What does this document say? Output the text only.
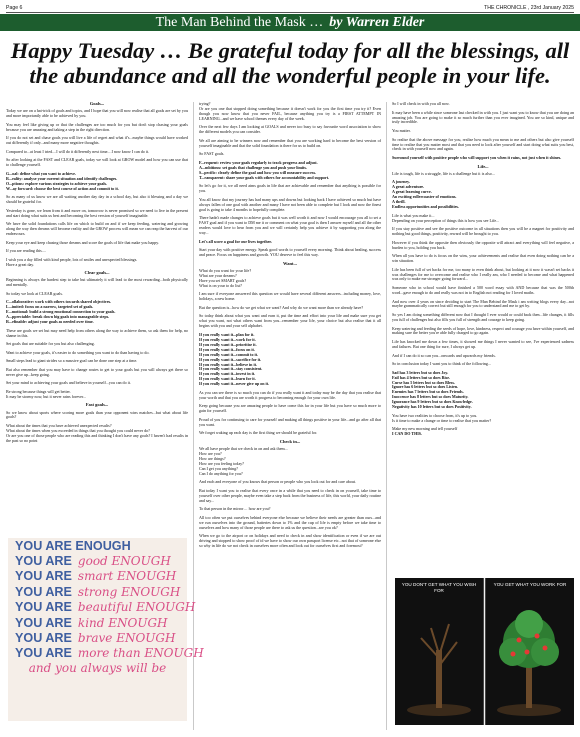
Page 6	THE CHRONICLE , 23rd January 2025
The Man Behind the Mask … by Warren Elder
Happy Tuesday … Be grateful today for all the blessings, all the abundance and all the wonderful people in your life.

Goals...

Today we are on a hat-trick of goals and topics, and I hope that you will now realise that all goals are set by you and more importantly able to be achieved by you.

You may feel like giving up or that the challenges are too much for you but don't stop chasing your goals because you are amazing and taking a step in the right direction.

If you do not set and chase goals you will live a life of regret and what if's...maybe things would have worked out differently if only...and many more negative thoughts.

Compared to...at least I tried....I will do it differently next time....I now know I can do it.

So after looking at the FAST and CLEAR goals, today we will look at GROW model and how you can use that to challenge yourself.

G...oal: define what you want to achieve.

R...eality: analyse your current situation and identify challenges.

O...ptions: explore various strategies to achieve your goals.

W...ay forward: choose the best course of action and commit to it.

So as many of us know we are all waiting another day day in a school day, but also it blessing and a day we should be grateful for.

Yesterday is gone, we learn from it and move on, tomorrow is never promised so we need to live in the present and start doing what suits us best and becoming the best version of yourself imaginable.

We have the solid foundations calls life on which to build on and if we keep feeding, watering and growing along the way then dreams will become reality and the GROW process will mean we can reap the harvest of our endeavours.

Keep your eye and keep chasing those dreams and score the goals of life that make you happy.

If you are reading this....

I wish you a day filled with kind people, lots of smiles and unexpected blessings.

Have a great day.

Clear goals...

Beginning is always the hardest step to take but ultimately it will lead to the most rewarding...both physically and mentally.

So today we look at CLEAR goals.

C...ollaborative: work with others towards shared objectives.

L...imited: focus on a narrow, targeted set of goals.

E...motional: build a strong emotional connection to your goals.

A...ppreciable: break down big goals into manageable steps.

R...efinable: adjust your goals as needed over time.

These are goals we set but may need help from others along the way to achieve them, so ask them for help, no shame in this.

Set goals that are suitable for you but also challenging.

Want to achieve your goals, it's easier to do something you want to do than having to do.

Small steps lead to giant strides so a massive goal can be done one step at a time.

But also remember that you may have to change routes to get to your goals but you will always get there so never give up...keep going.

Set your mind to achieving your goals and believe in yourself...you can do it.

Be strong because things will get better.

It may be stormy now, but it never rains forever...

Fast goals...

So we know about sports where scoring more goals than your opponent wins matches...but what about life goals?

What about the times that you have achieved unexpected results?

What about the times when you exceeded in things that you thought you could never do?

Or are you one of those people who are reading this and thinking I don't have any goals? I haven't had results in the past so no point

YOU ARE ENOUGH
YOU ARE good ENOUGH
YOU ARE smart ENOUGH
YOU ARE strong ENOUGH
YOU ARE beautiful ENOUGH
YOU ARE kind ENOUGH
YOU ARE brave ENOUGH
YOU ARE more than ENOUGH
and you always will be

trying?

Or are you one that stopped doing something because it doesn't work for you the first time you try it? Even though you now know that you never FAIL, because anything you try is a FIRST ATTEMPT IN LEARNING...and we have school themes every day of the week.

Over the next few days I am looking at GOALS and never too busy to say favourite word association to show the different models you can consider.

We all are aiming to be winners now and remember that you are working hard to become the best version of yourself imaginable and that the solid foundation is there for us to build on.

So FAST goals.

F...requent: review your goals regularly to track progress and adjust.

A...mbitious: set goals that challenge you and push your limits.

S...pecific: clearly define the goal and how you will measure success.

T...ransparent: share your goals with others for accountability and support.

So let's go for it, we all need aims goals in life that are achievable and remember that anything is possible for you.

You all know that my journey has had many ups and downs but looking back I have achieved so much but have always fallen of one goal with another and many I have not been able to complete but I look and now the finest goal is going to take 4 months to hopefully complete.

There hadn't made changes to achieve goals but it was well worth it and now I would encourage you all to set a FAST goal and if you want to DM me it or comment on what your goal is then I answer myself and all the other readers would love to hear from you and we will certainly help you achieve it by supporting you along the way...

Let's all score a goal for our lives together.

Start your day with positive energy. Speak good words to yourself every morning. Think about healing, success and peace. Focus on happiness and growth. YOU deserve to feel this way.

Want...

What do you want for your life?

What are your dreams?

Have you set SMART goals?

What is on your to do list?

I am sure if everyone answered this question we would have several different answers...including money, love, holidays, a new home.

But the question is...how do we get what we want? And why do we want more than we already have?

So today think about what you want and earn it, put the time and effort into your life and make sure you get what you want, not what others want from you...remember your life, your choice but also realise that it all begins with you and your self alphabet.

If you really want it...plan for it.

If you really want it...work for it.

If you really want it...prioritise it.

If you really want it...focus on it.

If you really want it...commit to it.

If you really want it...sacrifice for it.

If you really want it...believe in it.

If you really want it...stay consistent.

If you really want it...invest in it.

If you really want it...learn for it.

If you really want it...never give up on it.

As you can see there is so much you can do if you really want it and today may be the day that you realise that your worth and that you are worth it progress to becoming enough for your own life.

Keep going because you are amazing people to have come this far in your life but you have so much more to gain for yourself.

Proud of you for continuing to care for yourself and making all things positive in your life...and go after all that you want.

We forget waking up each day is the first thing we should be grateful for.

Check in...

We all have people that we check in on and ask them...

How are you?

How are things?

How are you feeling today?

Can I get you anything?

Can I do anything for you?

And each and everyone of you knows that person or people who you look out for and care about.

But today I want you to realise that every once in a while that you need to check in on yourself, take time to yourself over other people, maybe even take a step back from the business of life, this world, your daily routine and say...

To that person in the mirror… how are you?

All too often we put ourselves behind everyone else because we believe their needs are greater than ours...and we run ourselves into the ground, batteries down to 1% and the cup of life is empty before we take time to ourselves and how many of those people are there to ask us the question...are you ok?

When we go to the airport or on holidays and need to check in and show identification or even if we are out driving and stopped to show proof of id we have to show our own passport license etc...not that of someone else so why in life do we not check in ourselves more often and look out for ourselves first and foremost?

So I will check in with you all now.

It may have been a while since someone last checked in with you. I just want you to know that you are doing an amazing job. You are going to make it so much further than you ever imagined. You are so kind, unique and truly incredible.

You matter.

So realise that the above message for you, realise how much you mean to me and others but also give yourself time to realise that you matter most and that you need to look after yourself and start doing what suits you best, check in with yourself now and again.

Surround yourself with positive people who will support you when it rains, not just when it shines.

Life...

Life is tough, life is a struggle, life is a challenge but it is also...

A journey.

A great adventure.

A great learning curve.

An exciting rollercoaster of emotions.

A thrill.

Endless opportunities and possibilities.

Life is what you make it...

Depending on your perception of things this is how you see Life...

If you stay positive and see the positive outcome in all situations then you will be a magnet for positivity and nothing but good things, positivity, reward will be brought to you.

However if you think the opposite then obviously the opposite will attract and everything will feel negative, a burden to you, holding you back.

When all you have to do is focus on the wins, your achievements and realise that even doing nothing can be a win situation.

Life has been full of set backs for me, too many to even think about, but looking at it now it wasn't set backs it was challenges for me to overcome and realise who I really am, who I needed to become and what happened was only to make me stronger going forward...

Someone who in school would have finished a 500 word essay with AND because that was the 500th word...gave enough to do and really was not in to English not reading for I loved maths.

And now over 4 years on since deciding to start The Man Behind the Mask i am writing blogs every day...not maybe grammatically correct but still enough for you to understand and me to get by.

So yes I am doing something different now that I thought I ever would or could back then...life changes, it fills you full of challenges but also fills you full of strength and courage to keep going.

Keep watering and feeding the seeds of hope, love, kindness, respect and courage you have within yourself, and making sure the better you're able fully charged to go again.

Life has knocked me down a few times, it showed me things I never wanted to see, I've experienced sadness and failures. But one thing for sure, I always get up.

And if I can do it so can you...onwards and upwards my friends.

So in conclusion today I want you to think of the following...

Sad has 3 letters but so does Joy.

Fail has 4 letters but so does Rise.

Curse has 5 letters but so does Bless.

Ignore has 6 letters but so does Listen.

Enemies has 7 letters but so does Friends.

Inoccence has 8 letters but so does Maturity.

Ignorance has 9 letters but so does Knowledge.

Negativity has 10 letters but so does Positivity.

You have two realities to choose from, it's up to you.

Is it time to make a change or time to realise that you matter?

Make my new morning and tell yourself

I CAN DO THIS.

YOU DON'T GET WHAT YOU WISH FOR
YOU GET WHAT YOU WORK FOR
